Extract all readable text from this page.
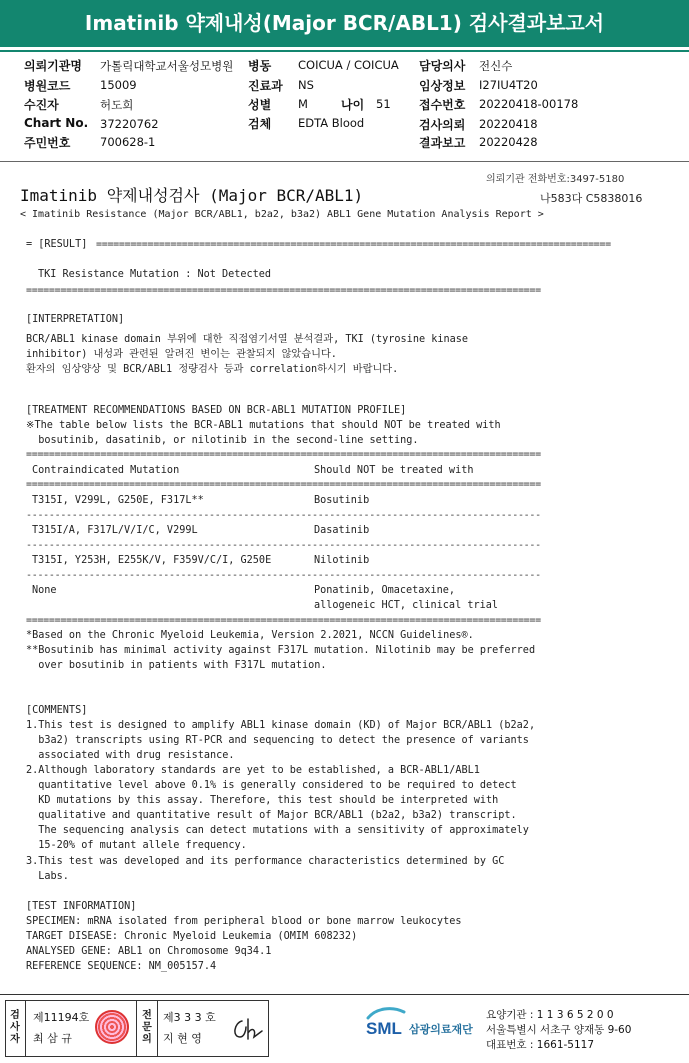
Imatinib 약제내성(Major BCR/ABL1) 검사결과보고서
의뢰기관명 가톨릭대학교서울성모병원
병원코드	15009
수진자	허도희
Chart No. 37220762
주민번호	700628-1
병동 COICUA / COICUA
진료과 NS
성별 M	나이 51
검체 EDTA Blood
담당의사 전신수
임상정보 I27IU4T20
접수번호 20220418-00178
검사의뢰 20220418
결과보고 20220428
의뢰기관 전화번호:3497-5180
Imatinib 약제내성검사 (Major BCR/ABL1)	나583다 C5838016
< Imatinib Resistance (Major BCR/ABL1, b2a2, b3a2) ABL1 Gene Mutation Analysis Report >
= [RESULT] ==========================================================================================
TKI Resistance Mutation : Not Detected
==========================================================================================
[INTERPRETATION]
BCR/ABL1 kinase domain 부위에 대한 직접염기서열 분석결과, TKI (tyrosine kinase
inhibitor) 내성과 관련된 알려진 변이는 관찰되지 않았습니다.
환자의 임상양상 및 BCR/ABL1 정량검사 등과 correlation하시기 바랍니다.
[TREATMENT RECOMMENDATIONS BASED ON BCR-ABL1 MUTATION PROFILE]
※The table below lists the BCR-ABL1 mutations that should NOT be treated with
bosutinib, dasatinib, or nilotinib in the second-line setting.
==========================================================================================
Contraindicated Mutation	Should NOT be treated with
==========================================================================================
T315I, V299L, G250E, F317L**	Bosutinib
------------------------------------------------------------------------------------------
T315I/A, F317L/V/I/C, V299L	Dasatinib
------------------------------------------------------------------------------------------
T315I, Y253H, E255K/V, F359V/C/I, G250E	Nilotinib
------------------------------------------------------------------------------------------
None	Ponatinib, Omacetaxine,
allogeneic HCT, clinical trial
==========================================================================================
*Based on the Chronic Myeloid Leukemia, Version 2.2021, NCCN Guidelines®.
**Bosutinib has minimal activity against F317L mutation. Nilotinib may be preferred
over bosutinib in patients with F317L mutation.
[COMMENTS]
1.This test is designed to amplify ABL1 kinase domain (KD) of Major BCR/ABL1 (b2a2,
b3a2) transcripts using RT-PCR and sequencing to detect the presence of variants
associated with drug resistance.
2.Although laboratory standards are yet to be established, a BCR-ABL1/ABL1
quantitative level above 0.1% is generally considered to be required to detect
KD mutations by this assay. Therefore, this test should be interpreted with
qualitative and quantitative result of Major BCR/ABL1 (b2a2, b3a2) transcript.
The sequencing analysis can detect mutations with a sensitivity of approximately
15-20% of mutant allele frequency.
3.This test was developed and its performance characteristics determined by GC
Labs.
[TEST INFORMATION]
SPECIMEN: mRNA isolated from peripheral blood or bone marrow leukocytes
TARGET DISEASE: Chronic Myeloid Leukemia (OMIM 608232)
ANALYSED GENE: ABL1 on Chromosome 9q34.1
REFERENCE SEQUENCE: NM_005157.4
검사자
제11194호
최 삼 규
전문의
제3 3 3 호
지 현 영
SML 삼광의료재단
요양기관 : 1 1 3 6 5 2 0 0
서울특별시 서초구 양재동 9-60
대표번호 : 1661-5117
